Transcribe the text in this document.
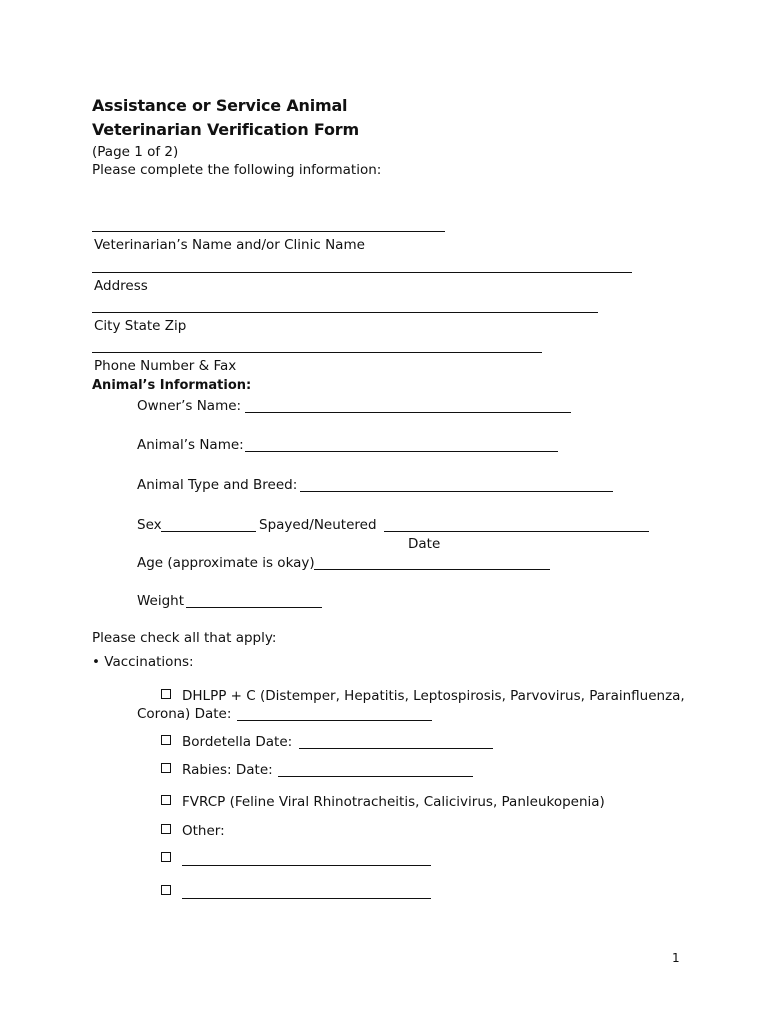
Assistance or Service Animal
Veterinarian Verification Form
(Page 1 of 2)
Please complete the following information:
Veterinarian’s Name and/or Clinic Name
Address
City State Zip
Phone Number & Fax
Animal’s Information:
Owner’s Name:
Animal’s Name:
Animal Type and Breed:
Sex	Spayed/Neutered
Date
Age (approximate is okay)
Weight
Please check all that apply:
• Vaccinations:
DHLPP + C (Distemper, Hepatitis, Leptospirosis, Parvovirus, Parainfluenza,
Corona) Date:
Bordetella Date:
Rabies: Date:
FVRCP (Feline Viral Rhinotracheitis, Calicivirus, Panleukopenia)
Other:
1
